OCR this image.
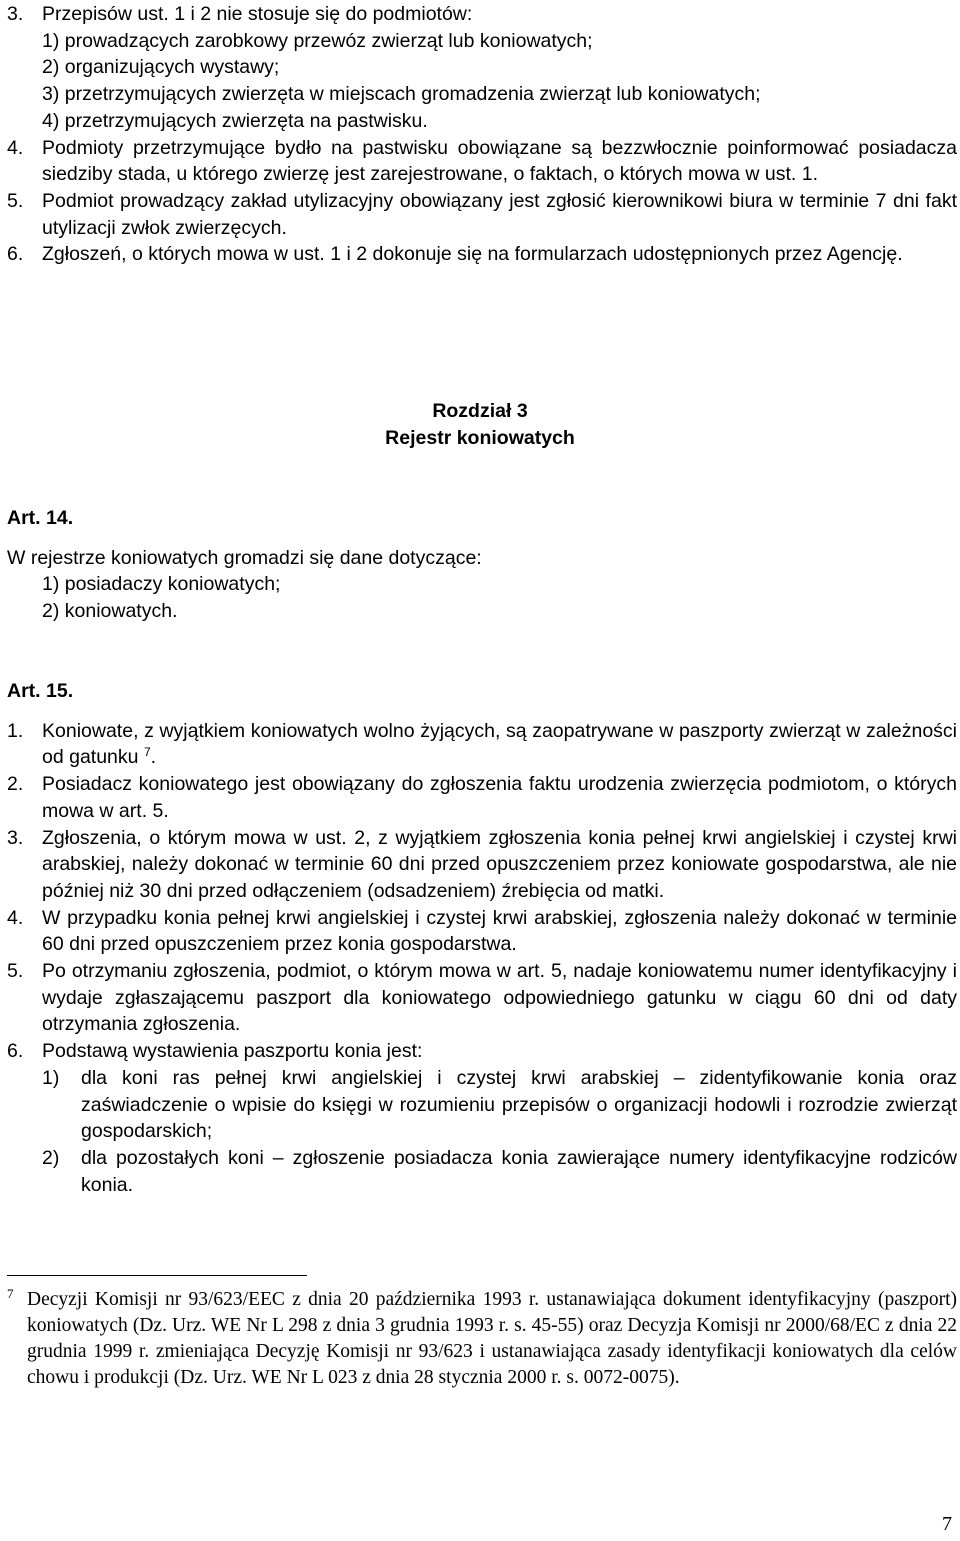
3. Przepisów ust. 1 i 2 nie stosuje się do podmiotów:
1) prowadzących zarobkowy przewóz zwierząt lub koniowatych;
2) organizujących wystawy;
3) przetrzymujących zwierzęta w miejscach gromadzenia zwierząt lub koniowatych;
4) przetrzymujących zwierzęta na pastwisku.
4. Podmioty przetrzymujące bydło na pastwisku obowiązane są bezzwłocznie poinformować posiadacza siedziby stada, u którego zwierzę jest zarejestrowane, o faktach, o których mowa w ust. 1.
5. Podmiot prowadzący zakład utylizacyjny obowiązany jest zgłosić kierownikowi biura w terminie 7 dni fakt utylizacji zwłok zwierzęcych.
6. Zgłoszeń, o których mowa w ust. 1 i 2 dokonuje się na formularzach udostępnionych przez Agencję.
Rozdział 3
Rejestr koniowatych
Art. 14.
W rejestrze koniowatych gromadzi się dane dotyczące:
1) posiadaczy koniowatych;
2) koniowatych.
Art. 15.
1. Koniowate, z wyjątkiem koniowatych wolno żyjących, są zaopatrywane w paszporty zwierząt w zależności od gatunku $^7$.
2. Posiadacz koniowatego jest obowiązany do zgłoszenia faktu urodzenia zwierzęcia podmiotom, o których mowa w art. 5.
3. Zgłoszenia, o którym mowa w ust. 2, z wyjątkiem zgłoszenia konia pełnej krwi angielskiej i czystej krwi arabskiej, należy dokonać w terminie 60 dni przed opuszczeniem przez koniowate gospodarstwa, ale nie później niż 30 dni przed odłączeniem (odsadzeniem) źrebięcia od matki.
4. W przypadku konia pełnej krwi angielskiej i czystej krwi arabskiej, zgłoszenia należy dokonać w terminie 60 dni przed opuszczeniem przez konia gospodarstwa.
5. Po otrzymaniu zgłoszenia, podmiot, o którym mowa w art. 5, nadaje koniowatemu numer identyfikacyjny i wydaje zgłaszającemu paszport dla koniowatego odpowiedniego gatunku w ciągu 60 dni od daty otrzymania zgłoszenia.
6. Podstawą wystawienia paszportu konia jest:
1) dla koni ras pełnej krwi angielskiej i czystej krwi arabskiej – zidentyfikowanie konia oraz zaświadczenie o wpisie do księgi w rozumieniu przepisów o organizacji hodowli i rozrodzie zwierząt gospodarskich;
2) dla pozostałych koni – zgłoszenie posiadacza konia zawierające numery identyfikacyjne rodziców konia.
7 Decyzji Komisji nr 93/623/EEC z dnia 20 października 1993 r. ustanawiająca dokument identyfikacyjny (paszport) koniowatych (Dz. Urz. WE Nr L 298 z dnia 3 grudnia 1993 r. s. 45-55) oraz Decyzja Komisji nr 2000/68/EC z dnia 22 grudnia 1999 r. zmieniająca Decyzję Komisji nr 93/623 i ustanawiająca zasady identyfikacji koniowatych dla celów chowu i produkcji (Dz. Urz. WE Nr L 023 z dnia 28 stycznia 2000 r. s. 0072-0075).
7
